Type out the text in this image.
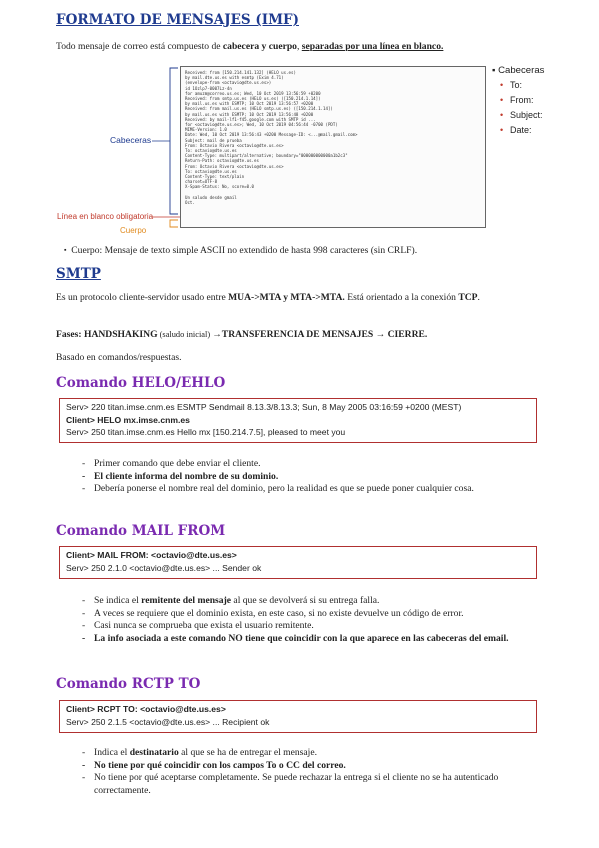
FORMATO DE MENSAJES (IMF)

Todo mensaje de correo está compuesto de cabecera y cuerpo, separadas por una línea en blanco.

Received: from [150.214.141.132] (HELO us.es)
by mail.dte.us.es with esmtp (Exim 4.71)
(envelope-from <octavio@dte.us.es>)
id 1Ozlp7-0007Lz-4n
for amuzm@correo.us.es; Wed, 10 Oct 2019 13:56:59 +0200
Received: from smtp.us.es (HELO us.es) ([150.214.1.14])
by mail.us.es with ESMTP; 10 Oct 2019 13:56:57 +0200
Received: from mail.us.es (HELO smtp.us.es) ([150.214.1.14])
by mail.us.es with ESMTP; 10 Oct 2019 13:56:48 +0200
Received: by mail-lf1-f45.google.com with SMTP id ...
for <octavio@dte.us.es>; Wed, 10 Oct 2019 04:56:44 -0700 (PDT)
MIME-Version: 1.0
Date: Wed, 10 Oct 2019 13:56:43 +0200 Message-ID: <...@mail.gmail.com>
Subject: mail de prueba
From: Octavio Rivera <octavio@dte.us.es>
To: octavio@dte.us.es
Content-Type: multipart/alternative; boundary="000000000000a1b2c3"
Return-Path: octavio@dte.us.es
From: Octavio Rivera <octavio@dte.us.es>
To: octavio@dte.us.es
Content-Type: text/plain
charset=UTF-8
X-Spam-Status: No, score=0.0

Un saludo desde gmail
Oct.
Cabeceras
Línea en blanco obligatoria
Cuerpo
▪ Cabeceras
• To:
• From:
• Subject:
• Date:

▪ Cuerpo: Mensaje de texto simple ASCII no extendido de hasta 998 caracteres (sin CRLF).

SMTP

Es un protocolo cliente-servidor usado entre MUA->MTA y MTA->MTA. Está orientado a la conexión TCP.

Fases: HANDSHAKING (saludo inicial) →TRANSFERENCIA DE MENSAJES → CIERRE.

Basado en comandos/respuestas.

Comando HELO/EHLO
Serv> 220 titan.imse.cnm.es ESMTP Sendmail 8.13.3/8.13.3; Sun, 8 May 2005 03:16:59 +0200 (MEST)
Client> HELO mx.imse.cnm.es
Serv> 250 titan.imse.cnm.es Hello mx [150.214.7.5], pleased to meet you
- Primer comando que debe enviar el cliente.
- El cliente informa del nombre de su dominio.
- Debería ponerse el nombre real del dominio, pero la realidad es que se puede poner cualquier cosa.
Comando MAIL FROM
Client> MAIL FROM: <octavio@dte.us.es>
Serv> 250 2.1.0 <octavio@dte.us.es> ... Sender ok
- Se indica el remitente del mensaje al que se devolverá si su entrega falla.
- A veces se requiere que el dominio exista, en este caso, si no existe devuelve un código de error.
- Casi nunca se comprueba que exista el usuario remitente.
- La info asociada a este comando NO tiene que coincidir con la que aparece en las cabeceras del email.
Comando RCTP TO
Client> RCPT TO: <octavio@dte.us.es>
Serv> 250 2.1.5 <octavio@dte.us.es> ... Recipient ok
- Indica el destinatario al que se ha de entregar el mensaje.
- No tiene por qué coincidir con los campos To o CC del correo.
- No tiene por qué aceptarse completamente. Se puede rechazar la entrega si el cliente no se ha autenticado correctamente.
